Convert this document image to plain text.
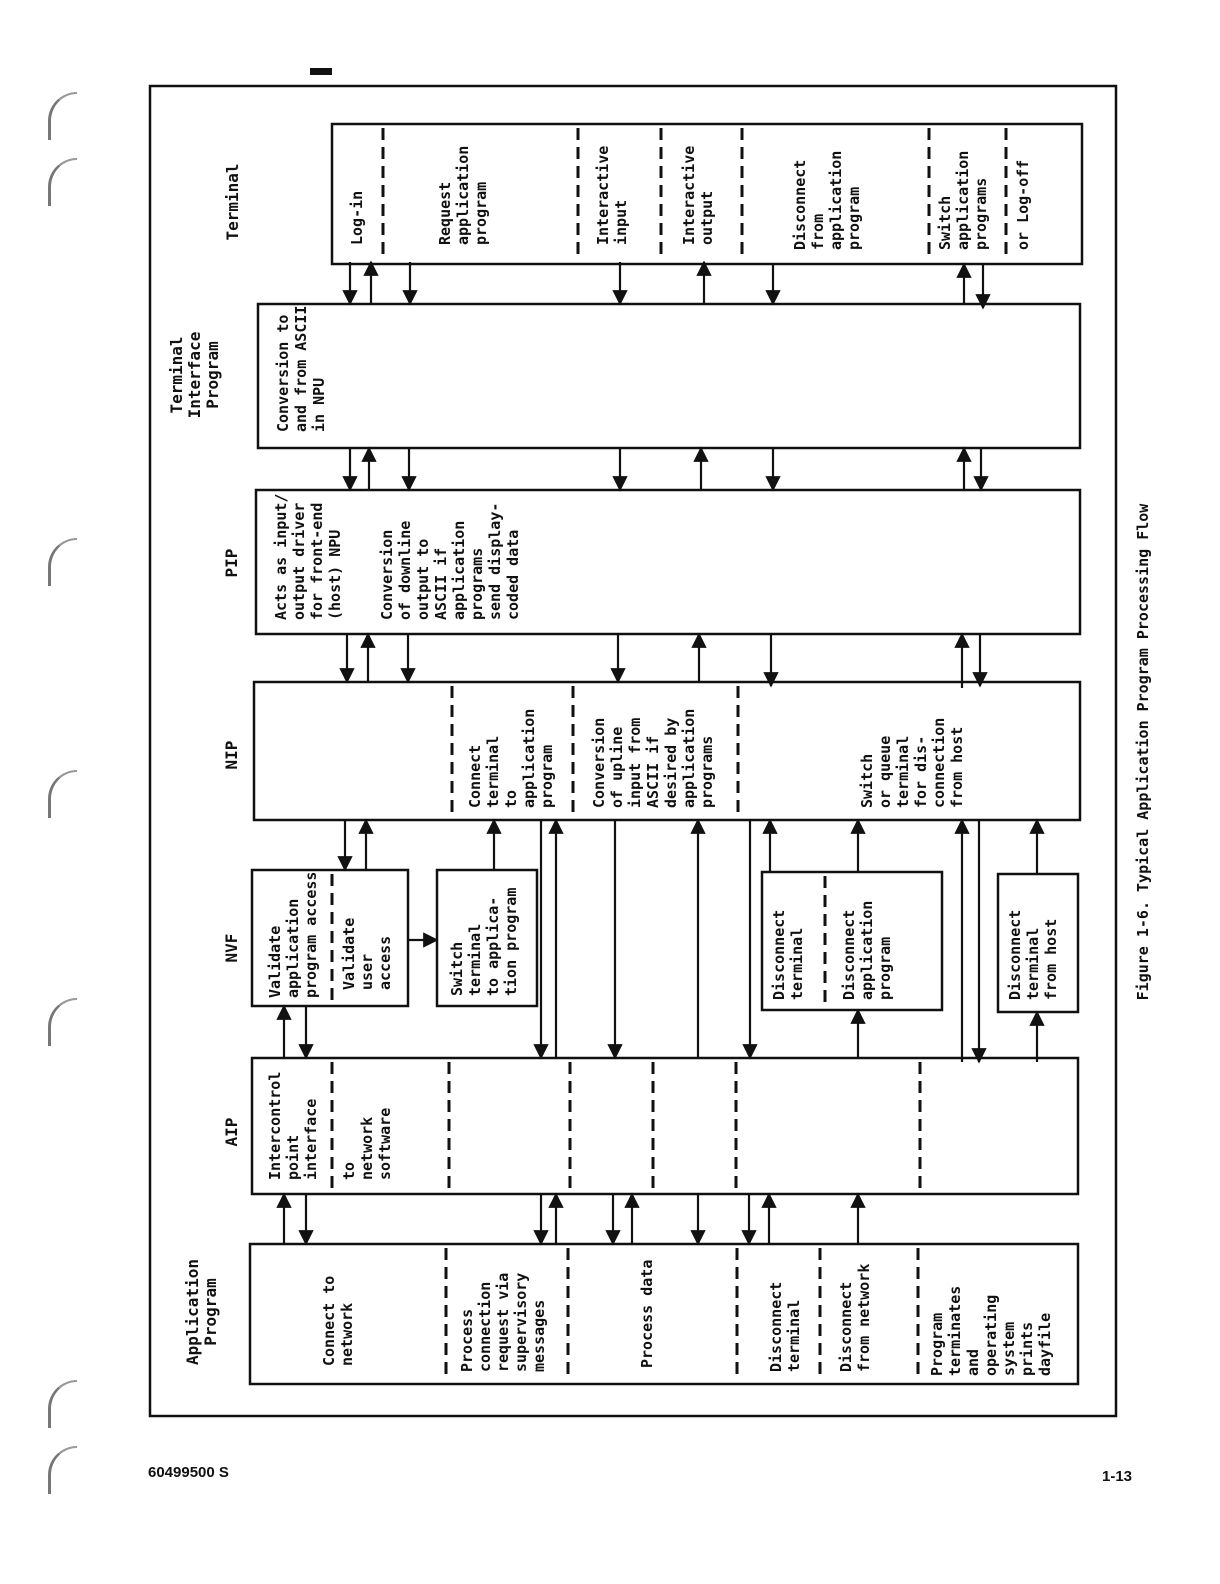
Terminal
Terminal Interface Program
PIP
NIP
NVF
AIP
Application Program
Log-in	Request application program	Interactive input	Interactive output	Disconnect from application program	Switch application programs or Log-off
Conversion to and from ASCII in NPU
Acts as input/ output driver for front-end (host) NPU Conversion of downline output to ASCII if application programs send display- coded data
Connect terminal to application program Conversion of upline input from ASCII if desired by application programs	Switch or queue terminal for dis- connection from host
Validate application program access Validate user access	Switch terminal to applica- tion program	Disconnect terminal Disconnect application program	Disconnect terminal from host
Intercontrol point interface to network software
Connect to network	Process connection request via supervisory messages	Process data	Disconnect terminal Disconnect from network	Program terminates and operating system prints dayfile
Figure 1-6. Typical Application Program Processing Flow
60499500 S	1-13
